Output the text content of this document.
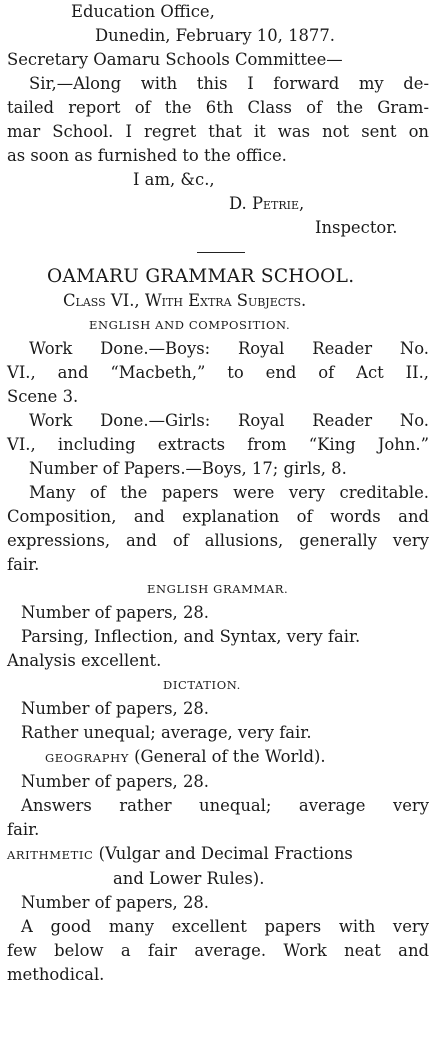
Education Office,
Dunedin, February 10, 1877.
Secretary Oamaru Schools Committee—
Sir,—Along with this I forward my de-
tailed report of the 6th Class of the Gram-
mar School. I regret that it was not sent on
as soon as furnished to the office.
I am, &c.,
D. Petrie,
Inspector.
OAMARU GRAMMAR SCHOOL.
Class VI., With Extra Subjects.
ENGLISH AND COMPOSITION.
Work Done.—Boys: Royal Reader No.
VI., and “Macbeth,” to end of Act II.,
Scene 3.
Work Done.—Girls: Royal Reader No.
VI., including extracts from “King John.”
Number of Papers.—Boys, 17; girls, 8.
Many of the papers were very creditable.
Composition, and explanation of words and
expressions, and of allusions, generally very
fair.
ENGLISH GRAMMAR.
Number of papers, 28.
Parsing, Inflection, and Syntax, very fair.
Analysis excellent.
DICTATION.
Number of papers, 28.
Rather unequal; average, very fair.
GEOGRAPHY (General of the World).
Number of papers, 28.
Answers rather unequal; average very
fair.
ARITHMETIC (Vulgar and Decimal Fractions
and Lower Rules).
Number of papers, 28.
A good many excellent papers with very
few below a fair average. Work neat and
methodical.
